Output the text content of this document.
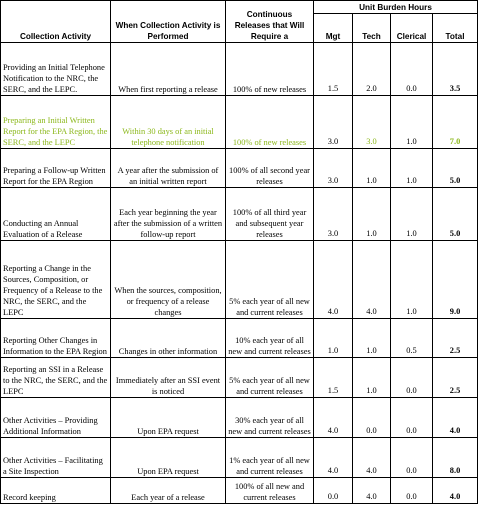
Collection Activity	When Collection Activity is Performed	Continuous Releases that Will Require a	Unit Burden Hours			
			Mgt	Tech	Clerical	Total
Providing an Initial Telephone Notification to the NRC, the SERC, and the LEPC.	When first reporting a release	100% of new releases	1.5	2.0	0.0	3.5
Preparing an Initial Written Report for the EPA Region, the SERC, and the LEPC	Within 30 days of an initial telephone notification	100% of new releases	3.0	3.0	1.0	7.0
Preparing a Follow-up Written Report for the EPA Region	A year after the submission of an initial written report	100% of all second year releases	3.0	1.0	1.0	5.0
Conducting an Annual Evaluation of a Release	Each year beginning the year after the submission of a written follow-up report	100% of all third year and subsequent year releases	3.0	1.0	1.0	5.0
Reporting a Change in the Sources, Composition, or Frequency of a Release to the NRC, the SERC, and the LEPC	When the sources, composition, or frequency of a release changes	5% each year of all new and current releases	4.0	4.0	1.0	9.0
Reporting Other Changes in Information to the EPA Region	Changes in other information	10% each year of all new and current releases	1.0	1.0	0.5	2.5
Reporting an SSI in a Release to the NRC, the SERC, and the LEPC	Immediately after an SSI event is noticed	5% each year of all new and current releases	1.5	1.0	0.0	2.5
Other Activities – Providing Additional Information	Upon EPA request	30% each year of all new and current releases	4.0	0.0	0.0	4.0
Other Activities – Facilitating a Site Inspection	Upon EPA request	1% each year of all new and current releases	4.0	4.0	0.0	8.0
Record keeping	Each year of a release	100% of all new and current releases	0.0	4.0	0.0	4.0
